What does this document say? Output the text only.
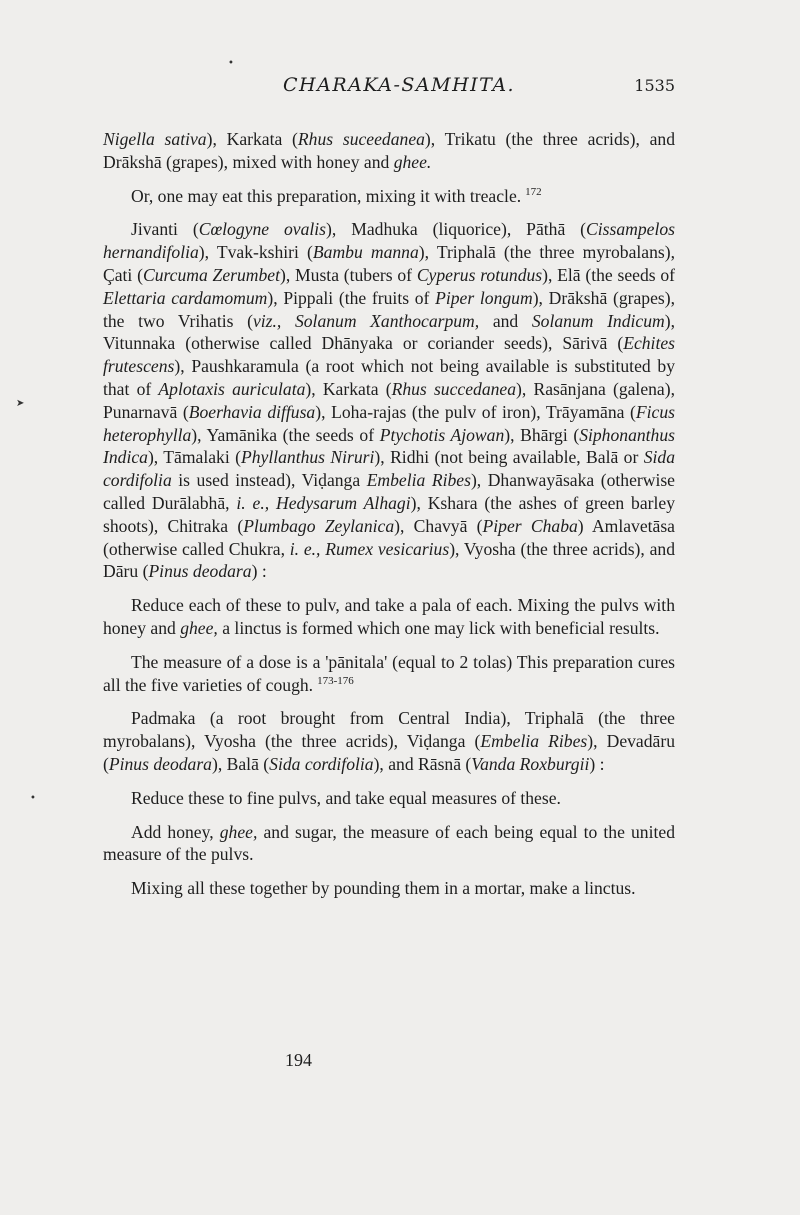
CHARAKA-SAMHITA.	1535
•
➤
•

Nigella sativa), Karkata (Rhus suceedanea), Trikatu (the three acrids), and Drākshā (grapes), mixed with honey and ghee.

Or, one may eat this preparation, mixing it with treacle. $^{172}$

Jivanti (Cœlogyne ovalis), Madhuka (liquorice), Pāthā (Cissampelos hernandifolia), Tvak-kshiri (Bambu manna), Triphalā (the three myrobalans), Çati (Curcuma Zerumbet), Musta (tubers of Cyperus rotundus), Elā (the seeds of Elettaria cardamomum), Pippali (the fruits of Piper longum), Drākshā (grapes), the two Vrihatis (viz., Solanum Xanthocarpum, and Solanum Indicum), Vitunnaka (otherwise called Dhānyaka or coriander seeds), Sārivā (Echites frutescens), Paushkaramula (a root which not being available is substituted by that of Aplotaxis auriculata), Karkata (Rhus succedanea), Rasānjana (galena), Punarnavā (Boerhavia diffusa), Loha-rajas (the pulv of iron), Trāyamāna (Ficus heterophylla), Yamānika (the seeds of Ptychotis Ajowan), Bhārgi (Siphonanthus Indica), Tāmalaki (Phyllanthus Niruri), Ridhi (not being available, Balā or Sida cordifolia is used instead), Viḍanga Embelia Ribes), Dhanwayāsaka (otherwise called Durālabhā, i. e., Hedysarum Alhagi), Kshara (the ashes of green barley shoots), Chitraka (Plumbago Zeylanica), Chavyā (Piper Chaba) Amlavetāsa (otherwise called Chukra, i. e., Rumex vesicarius), Vyosha (the three acrids), and Dāru (Pinus deodara) :

Reduce each of these to pulv, and take a pala of each. Mixing the pulvs with honey and ghee, a linctus is formed which one may lick with beneficial results.

The measure of a dose is a 'pānitala' (equal to 2 tolas) This preparation cures all the five varieties of cough. $^{173-176}$

Padmaka (a root brought from Central India), Triphalā (the three myrobalans), Vyosha (the three acrids), Viḍanga (Embelia Ribes), Devadāru (Pinus deodara), Balā (Sida cordifolia), and Rāsnā (Vanda Roxburgii) :

Reduce these to fine pulvs, and take equal measures of these.

Add honey, ghee, and sugar, the measure of each being equal to the united measure of the pulvs.

Mixing all these together by pounding them in a mortar, make a linctus.

194
